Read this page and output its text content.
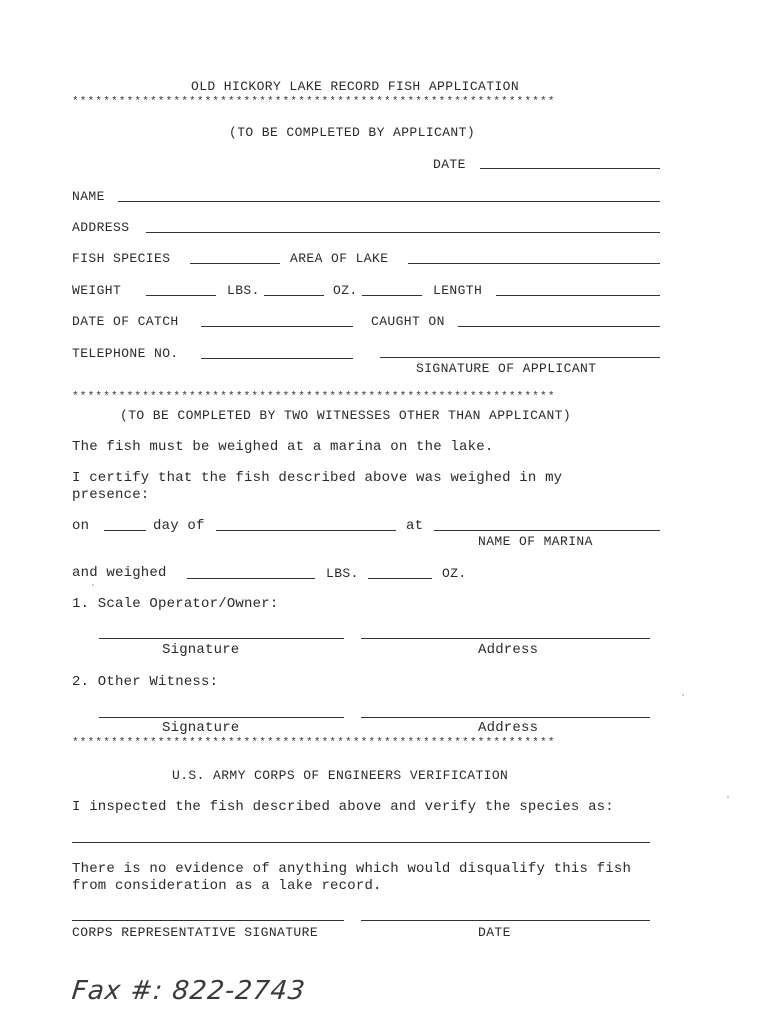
OLD HICKORY LAKE RECORD FISH APPLICATION
**************************************************************
(TO BE COMPLETED BY APPLICANT)
DATE
NAME
ADDRESS
FISH SPECIES	AREA OF LAKE
WEIGHT	LBS.	OZ.	LENGTH
DATE OF CATCH	CAUGHT ON
TELEPHONE NO.
SIGNATURE OF APPLICANT
**************************************************************
(TO BE COMPLETED BY TWO WITNESSES OTHER THAN APPLICANT)
The fish must be weighed at a marina on the lake.
I certify that the fish described above was weighed in my
presence:
on	day of	at
NAME OF MARINA
and weighed	LBS.	OZ.
1. Scale Operator/Owner:
Signature	Address
2. Other Witness:
Signature	Address
**************************************************************
U.S. ARMY CORPS OF ENGINEERS VERIFICATION
I inspected the fish described above and verify the species as:
There is no evidence of anything which would disqualify this fish
from consideration as a lake record.
CORPS REPRESENTATIVE SIGNATURE	DATE
Fax #: 822-2743
